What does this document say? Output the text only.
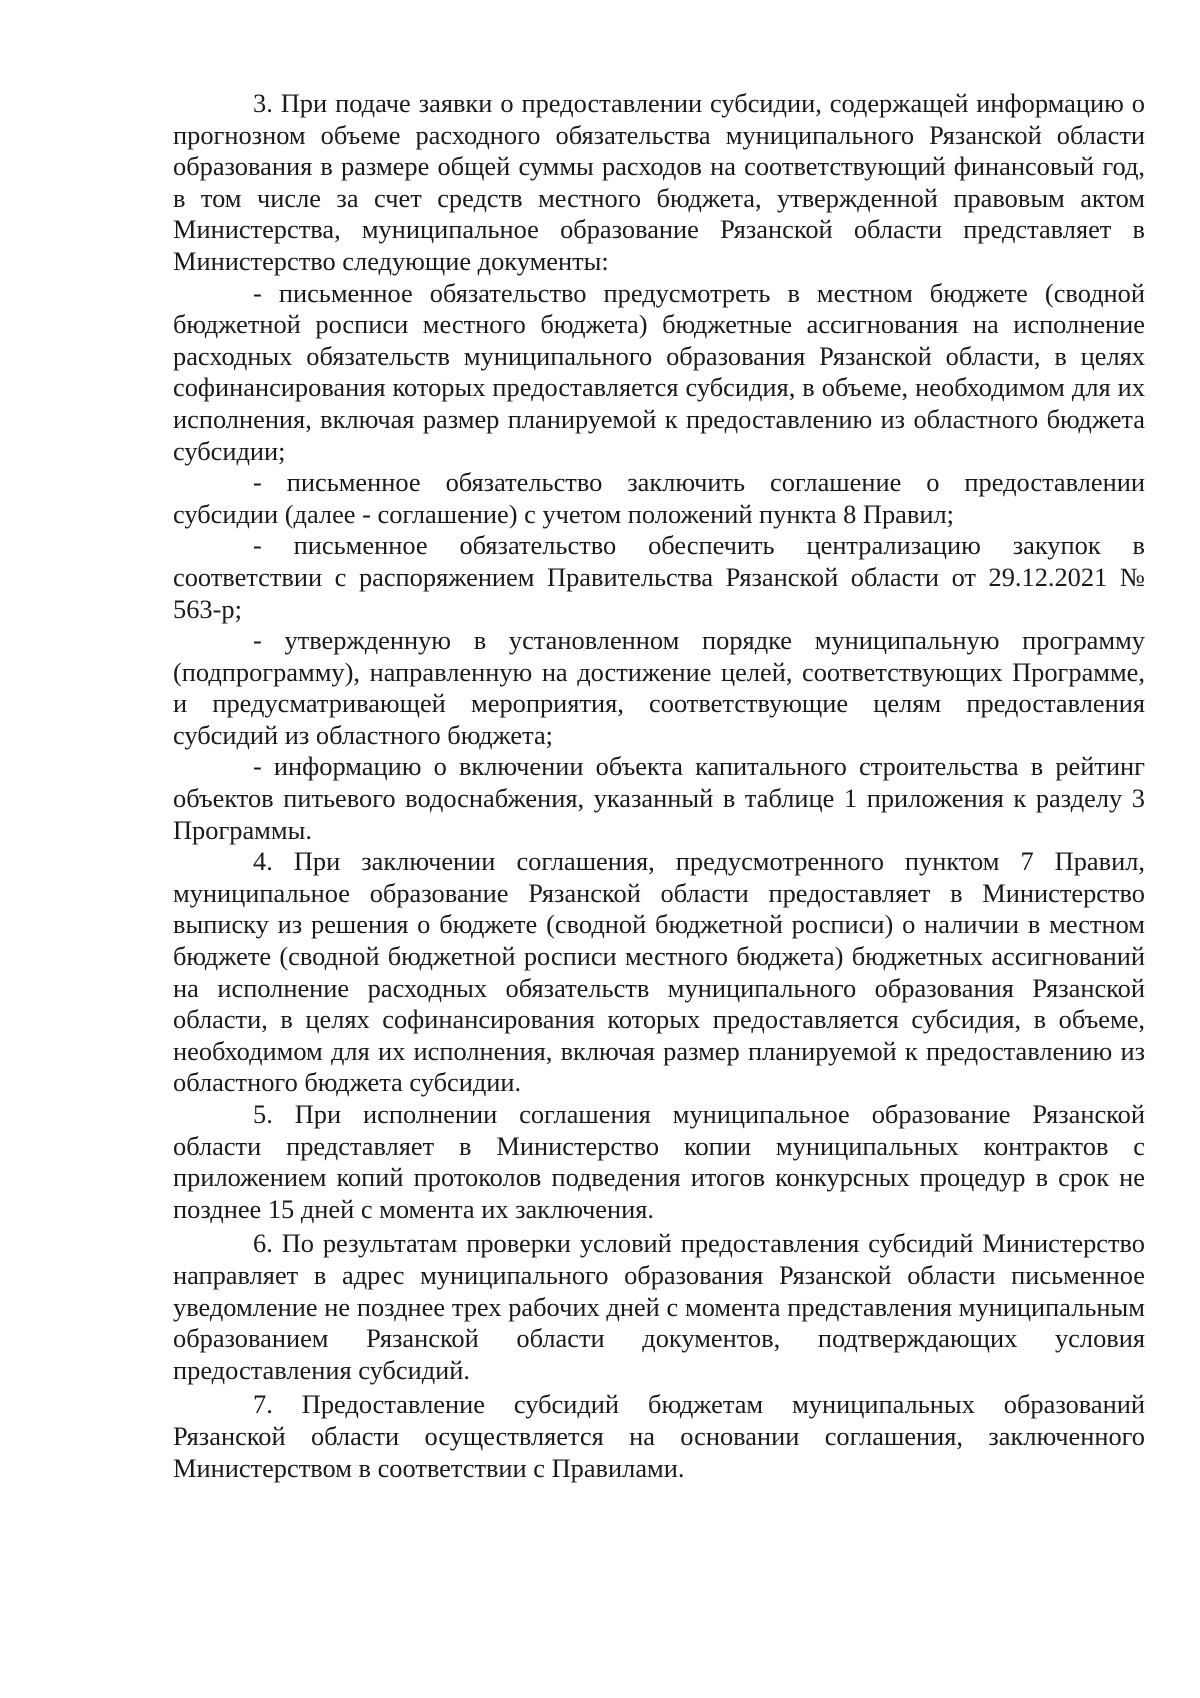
3. При подаче заявки о предоставлении субсидии, содержащей информацию о прогнозном объеме расходного обязательства муниципального Рязанской области образования в размере общей суммы расходов на соответствующий финансовый год, в том числе за счет средств местного бюджета, утвержденной правовым актом Министерства, муниципальное образование Рязанской области представляет в Министерство следующие документы:

- письменное обязательство предусмотреть в местном бюджете (сводной бюджетной росписи местного бюджета) бюджетные ассигнования на исполнение расходных обязательств муниципального образования Рязанской области, в целях софинансирования которых предоставляется субсидия, в объеме, необходимом для их исполнения, включая размер планируемой к предоставлению из областного бюджета субсидии;

- письменное обязательство заключить соглашение о предоставлении субсидии (далее - соглашение) с учетом положений пункта 8 Правил;

- письменное обязательство обеспечить централизацию закупок в соответствии с распоряжением Правительства Рязанской области от 29.12.2021 № 563-р;

- утвержденную в установленном порядке муниципальную программу (подпрограмму), направленную на достижение целей, соответствующих Программе, и предусматривающей мероприятия, соответствующие целям предоставления субсидий из областного бюджета;

- информацию о включении объекта капитального строительства в рейтинг объектов питьевого водоснабжения, указанный в таблице 1 приложения к разделу 3 Программы.

4. При заключении соглашения, предусмотренного пунктом 7 Правил, муниципальное образование Рязанской области предоставляет в Министерство выписку из решения о бюджете (сводной бюджетной росписи) о наличии в местном бюджете (сводной бюджетной росписи местного бюджета) бюджетных ассигнований на исполнение расходных обязательств муниципального образования Рязанской области, в целях софинансирования которых предоставляется субсидия, в объеме, необходимом для их исполнения, включая размер планируемой к предоставлению из областного бюджета субсидии.

5. При исполнении соглашения муниципальное образование Рязанской области представляет в Министерство копии муниципальных контрактов с приложением копий протоколов подведения итогов конкурсных процедур в срок не позднее 15 дней с момента их заключения.

6. По результатам проверки условий предоставления субсидий Министерство направляет в адрес муниципального образования Рязанской области письменное уведомление не позднее трех рабочих дней с момента представления муниципальным образованием Рязанской области документов, подтверждающих условия предоставления субсидий.

7. Предоставление субсидий бюджетам муниципальных образований Рязанской области осуществляется на основании соглашения, заключенного Министерством в соответствии с Правилами.
